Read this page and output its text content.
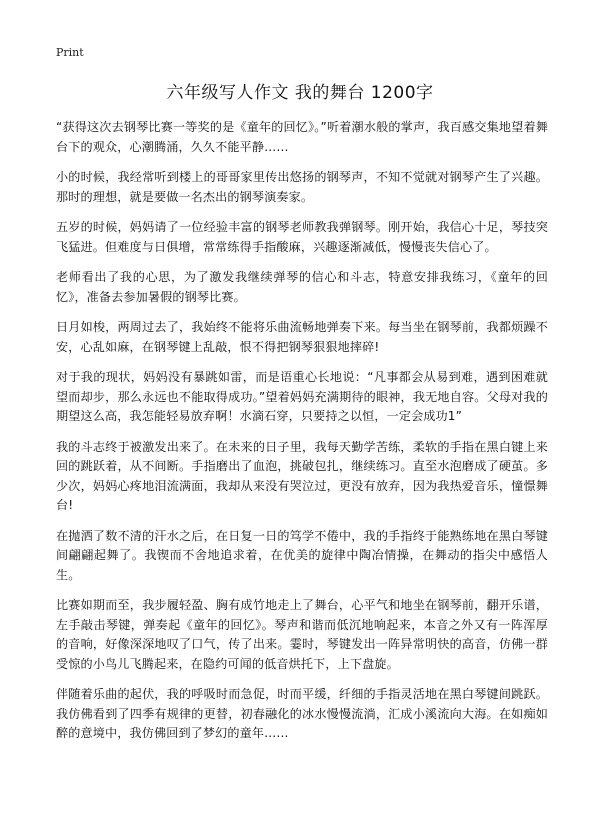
Print
六年级写人作文 我的舞台 1200字

“获得这次去钢琴比赛一等奖的是《童年的回忆》。”听着潮水般的掌声，我百感交集地望着舞台下的观众，心潮腾涌，久久不能平静……

小的时候，我经常听到楼上的哥哥家里传出悠扬的钢琴声，不知不觉就对钢琴产生了兴趣。那时的理想，就是要做一名杰出的钢琴演奏家。

五岁的时候，妈妈请了一位经验丰富的钢琴老师教我弹钢琴。刚开始，我信心十足，琴技突飞猛进。但难度与日俱增，常常练得手指酸麻，兴趣逐渐减低，慢慢丧失信心了。

老师看出了我的心思，为了激发我继续弹琴的信心和斗志，特意安排我练习，《童年的回忆》，准备去参加暑假的钢琴比赛。

日月如梭，两周过去了，我始终不能将乐曲流畅地弹奏下来。每当坐在钢琴前，我都烦躁不安，心乱如麻，在钢琴键上乱敲，恨不得把钢琴狠狠地摔碎!

对于我的现状，妈妈没有暴跳如雷，而是语重心长地说：“凡事都会从易到难，遇到困难就望而却步，那么永远也不能取得成功。”望着妈妈充满期待的眼神，我无地自容。父母对我的期望这么高，我怎能轻易放弃啊！水滴石穿，只要持之以恒，一定会成功1”

我的斗志终于被激发出来了。在未来的日子里，我每天勤学苦练，柔软的手指在黑白键上来回的跳跃着，从不间断。手指磨出了血泡，挑破包扎，继续练习。直至水泡磨成了硬茧。多少次，妈妈心疼地泪流满面，我却从来没有哭泣过，更没有放弃，因为我热爱音乐，憧憬舞台!

在抛洒了数不清的汗水之后，在日复一日的笃学不倦中，我的手指终于能熟练地在黑白琴键间翩翩起舞了。我锲而不舍地追求着，在优美的旋律中陶冶情操，在舞动的指尖中感悟人生。

比赛如期而至，我步履轻盈、胸有成竹地走上了舞台，心平气和地坐在钢琴前，翻开乐谱，左手敲击琴键，弹奏起《童年的回忆》。琴声和谐而低沉地响起来，本音之外又有一阵浑厚的音响，好像深深地叹了口气，传了出来。霎时，琴键发出一阵异常明快的高音，仿佛一群受惊的小鸟儿飞腾起来，在隐约可闻的低音烘托下，上下盘旋。

伴随着乐曲的起伏，我的呼吸时而急促，时而平缓，纤细的手指灵活地在黑白琴键间跳跃。我仿佛看到了四季有规律的更替，初春融化的冰水慢慢流淌，汇成小溪流向大海。在如痴如醉的意境中，我仿佛回到了梦幻的童年……
